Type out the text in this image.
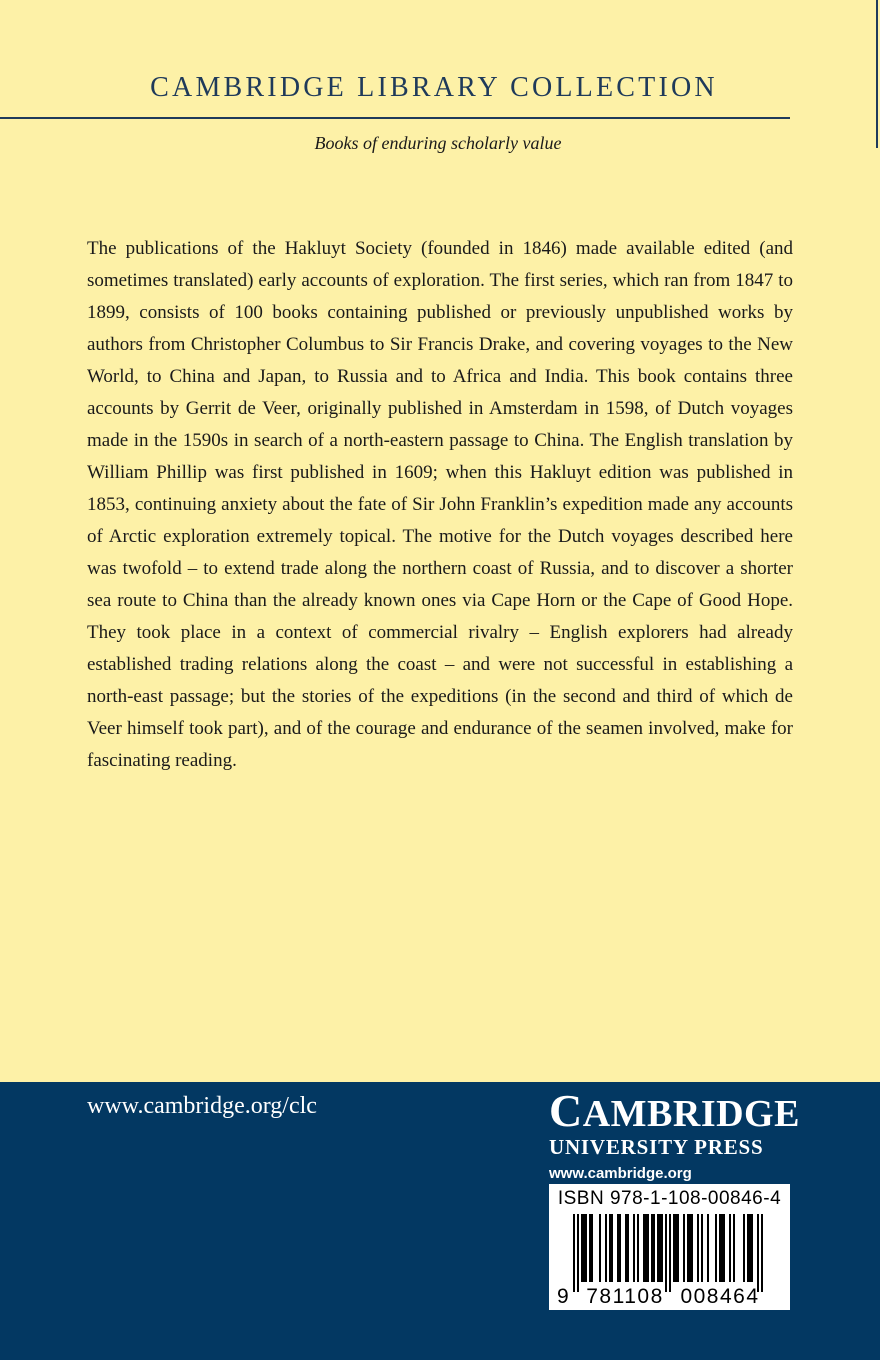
CAMBRIDGE LIBRARY COLLECTION
Books of enduring scholarly value

The publications of the Hakluyt Society (founded in 1846) made available edited (and sometimes translated) early accounts of exploration. The first series, which ran from 1847 to 1899, consists of 100 books containing published or previously unpublished works by authors from Christopher Columbus to Sir Francis Drake, and covering voyages to the New World, to China and Japan, to Russia and to Africa and India. This book contains three accounts by Gerrit de Veer, originally published in Amsterdam in 1598, of Dutch voyages made in the 1590s in search of a north-eastern passage to China. The English translation by William Phillip was first published in 1609; when this Hakluyt edition was published in 1853, continuing anxiety about the fate of Sir John Franklin’s expedition made any accounts of Arctic exploration extremely topical. The motive for the Dutch voyages described here was twofold – to extend trade along the northern coast of Russia, and to discover a shorter sea route to China than the already known ones via Cape Horn or the Cape of Good Hope. They took place in a context of commercial rivalry – English explorers had already established trading relations along the coast – and were not successful in establishing a north-east passage; but the stories of the expeditions (in the second and third of which de Veer himself took part), and of the courage and endurance of the seamen involved, make for fascinating reading.

www.cambridge.org/clc	CAMBRIDGE
UNIVERSITY PRESS
www.cambridge.org
ISBN 978-1-108-00846-4
9 781108 008464
